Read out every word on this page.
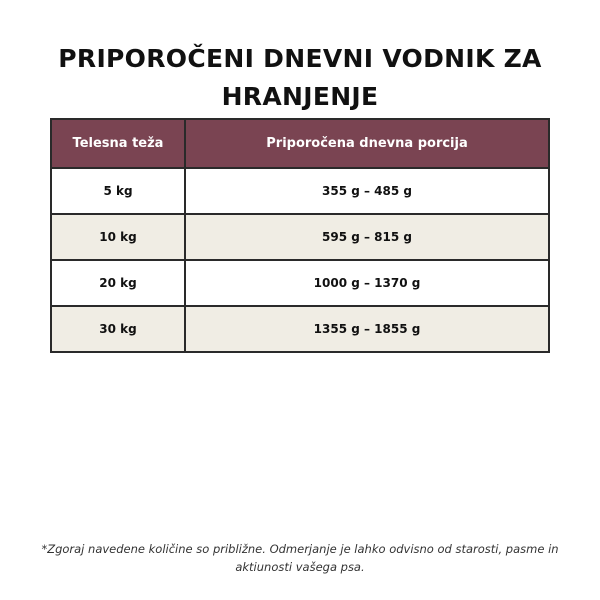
PRIPOROČENI DNEVNI VODNIK ZA HRANJENJE
Telesna teža	Priporočena dnevna porcija
5 kg	355 g – 485 g
10 kg	595 g – 815 g
20 kg	1000 g – 1370 g
30 kg	1355 g – 1855 g

*Zgoraj navedene količine so približne. Odmerjanje je lahko odvisno od starosti, pasme in aktiunosti vašega psa.
